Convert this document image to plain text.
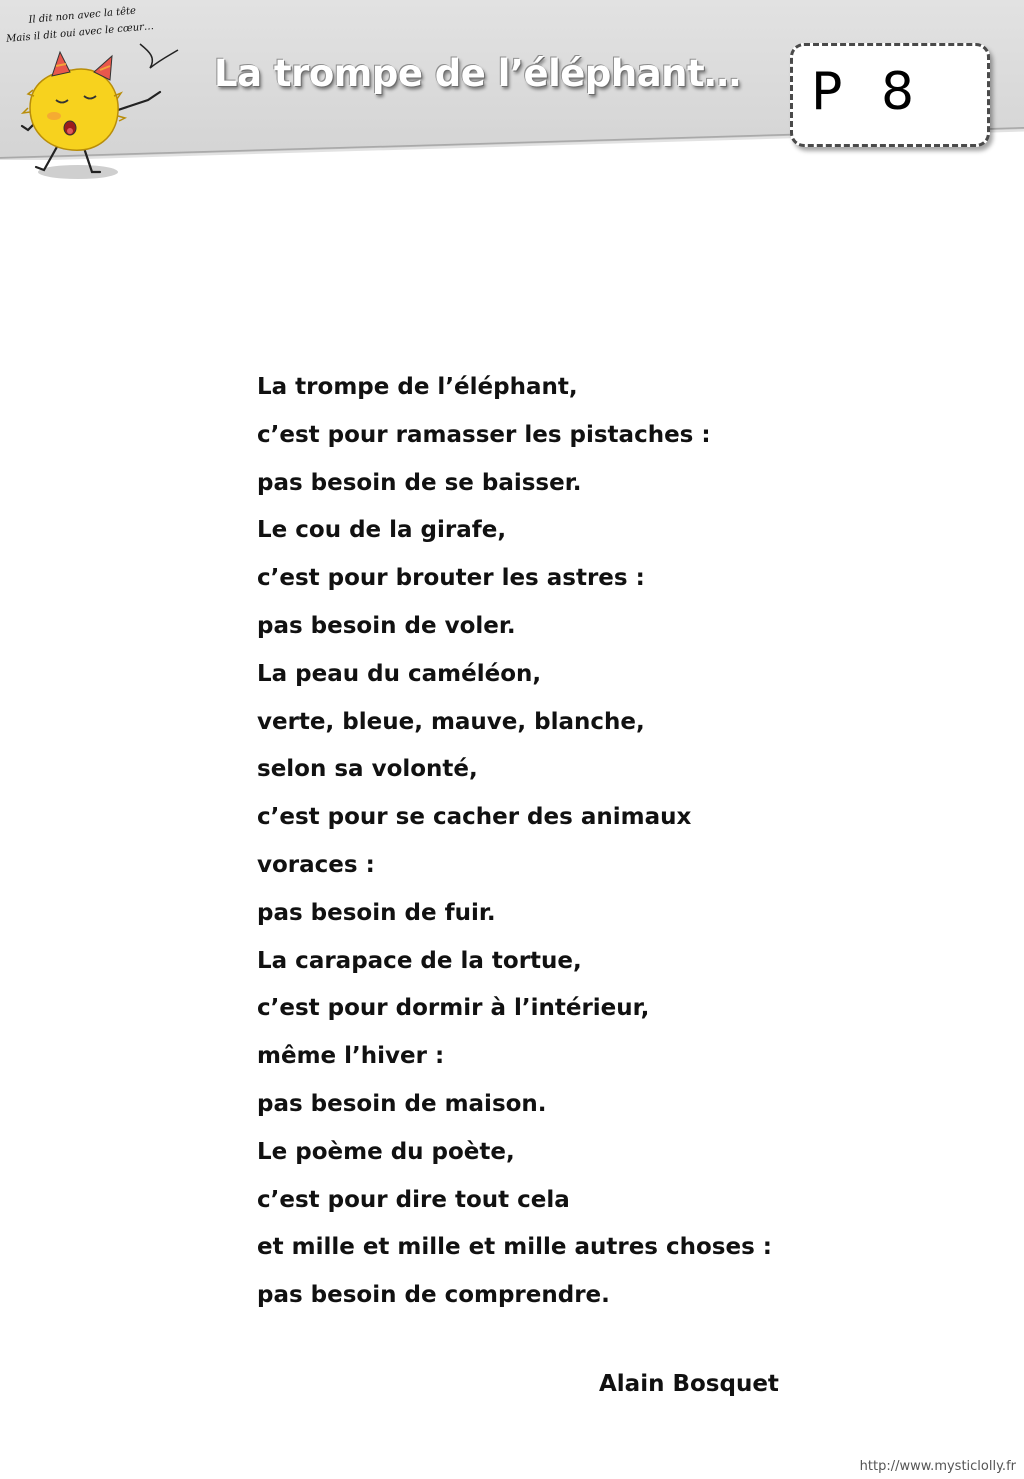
Il dit non avec la tête
Mais il dit oui avec le cœur…
La trompe de l’éléphant… P 8
La trompe de l’éléphant,
c’est pour ramasser les pistaches :
pas besoin de se baisser.
Le cou de la girafe,
c’est pour brouter les astres :
pas besoin de voler.
La peau du caméléon,
verte, bleue, mauve, blanche,
selon sa volonté,
c’est pour se cacher des animaux
voraces :
pas besoin de fuir.
La carapace de la tortue,
c’est pour dormir à l’intérieur,
même l’hiver :
pas besoin de maison.
Le poème du poète,
c’est pour dire tout cela
et mille et mille et mille autres choses :
pas besoin de comprendre.
Alain Bosquet
http://www.mysticlolly.fr
